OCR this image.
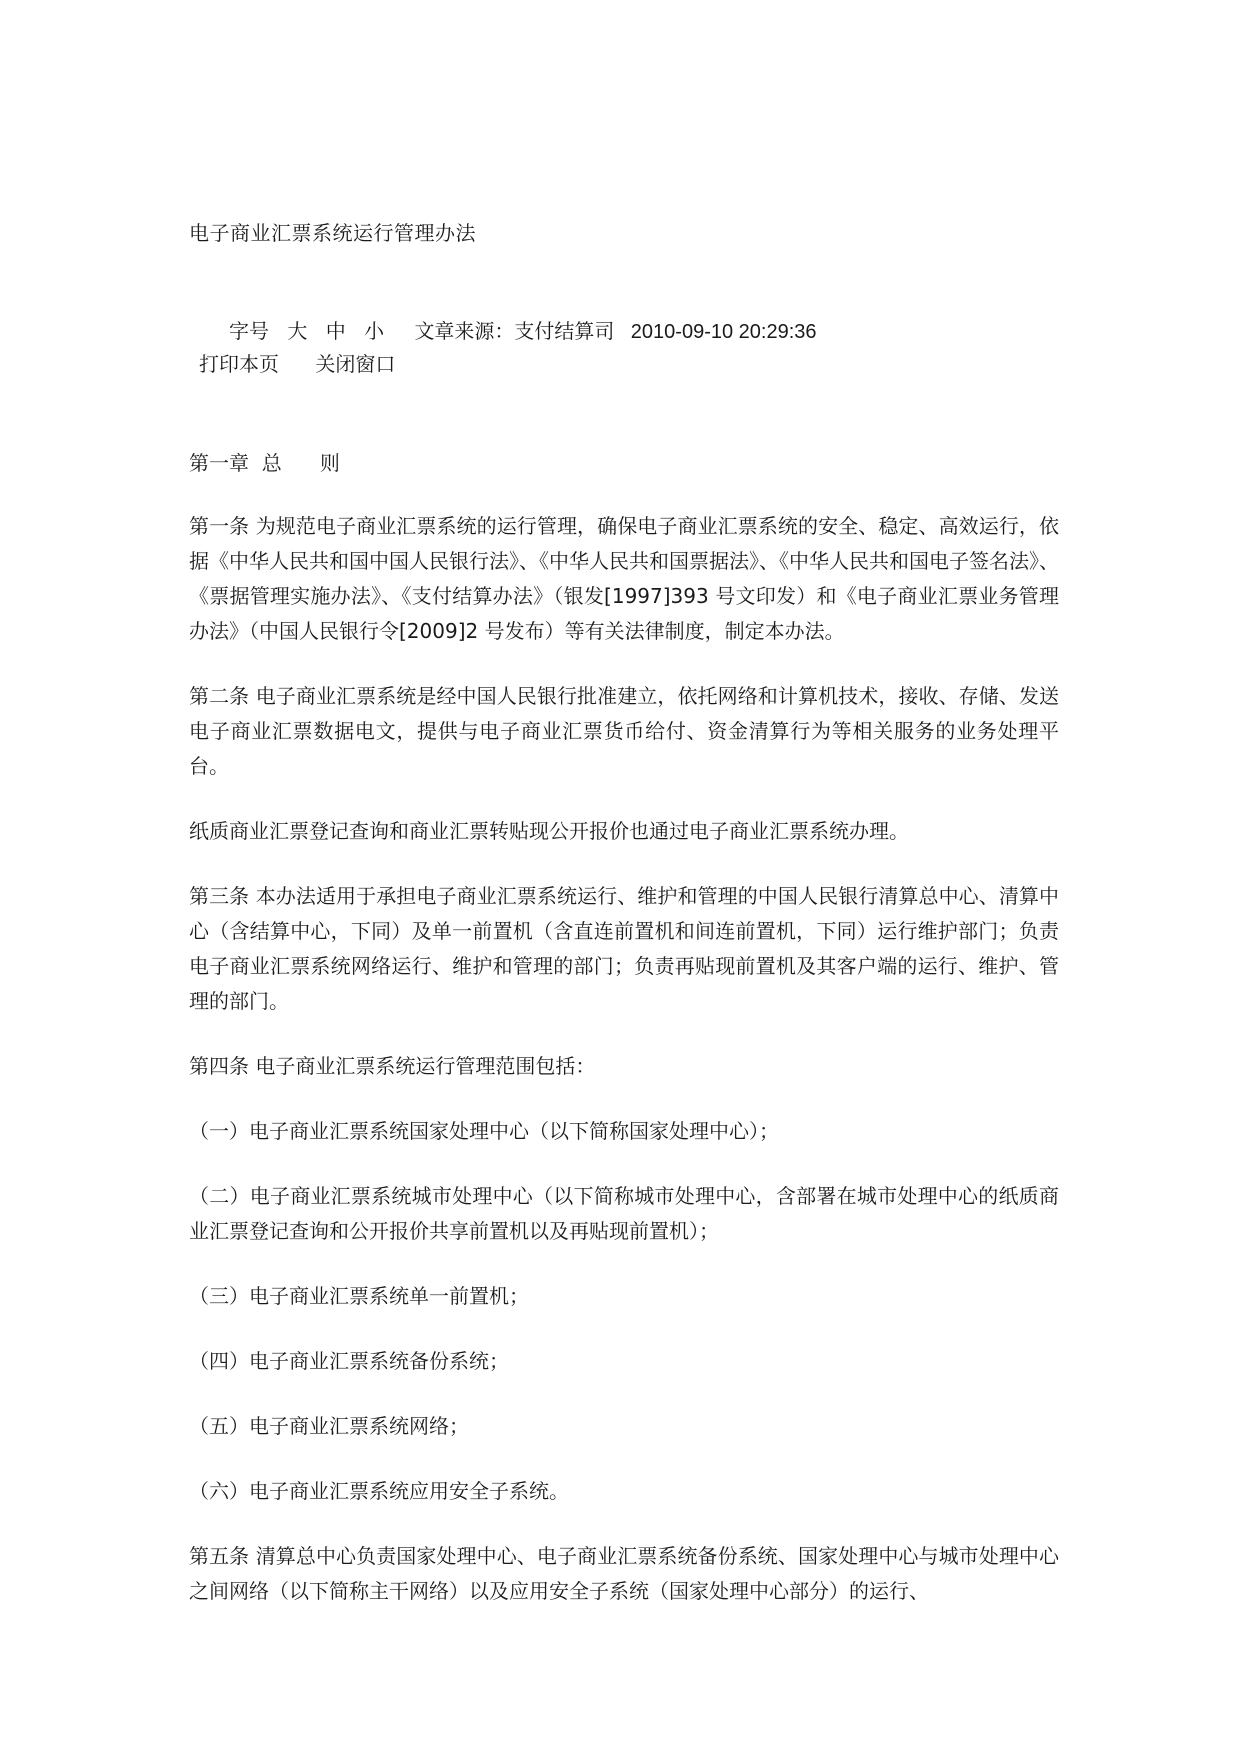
电子商业汇票系统运行管理办法
字号 大 中 小 文章来源：支付结算司 2010-09-10 20:29:36
打印本页 关闭窗口
第一章  总      则

第一条 为规范电子商业汇票系统的运行管理，确保电子商业汇票系统的安全、稳定、高效运行，依据《中华人民共和国中国人民银行法》、《中华人民共和国票据法》、《中华人民共和国电子签名法》、《票据管理实施办法》、《支付结算办法》（银发[1997]393 号文印发）和《电子商业汇票业务管理办法》（中国人民银行令[2009]2 号发布）等有关法律制度，制定本办法。

第二条 电子商业汇票系统是经中国人民银行批准建立，依托网络和计算机技术，接收、存储、发送电子商业汇票数据电文，提供与电子商业汇票货币给付、资金清算行为等相关服务的业务处理平台。

纸质商业汇票登记查询和商业汇票转贴现公开报价也通过电子商业汇票系统办理。

第三条 本办法适用于承担电子商业汇票系统运行、维护和管理的中国人民银行清算总中心、清算中心（含结算中心，下同）及单一前置机（含直连前置机和间连前置机，下同）运行维护部门；负责电子商业汇票系统网络运行、维护和管理的部门；负责再贴现前置机及其客户端的运行、维护、管理的部门。

第四条 电子商业汇票系统运行管理范围包括：

（一）电子商业汇票系统国家处理中心（以下简称国家处理中心）；

（二）电子商业汇票系统城市处理中心（以下简称城市处理中心，含部署在城市处理中心的纸质商业汇票登记查询和公开报价共享前置机以及再贴现前置机）；

（三）电子商业汇票系统单一前置机；

（四）电子商业汇票系统备份系统；

（五）电子商业汇票系统网络；

（六）电子商业汇票系统应用安全子系统。

第五条 清算总中心负责国家处理中心、电子商业汇票系统备份系统、国家处理中心与城市处理中心之间网络（以下简称主干网络）以及应用安全子系统（国家处理中心部分）的运行、
